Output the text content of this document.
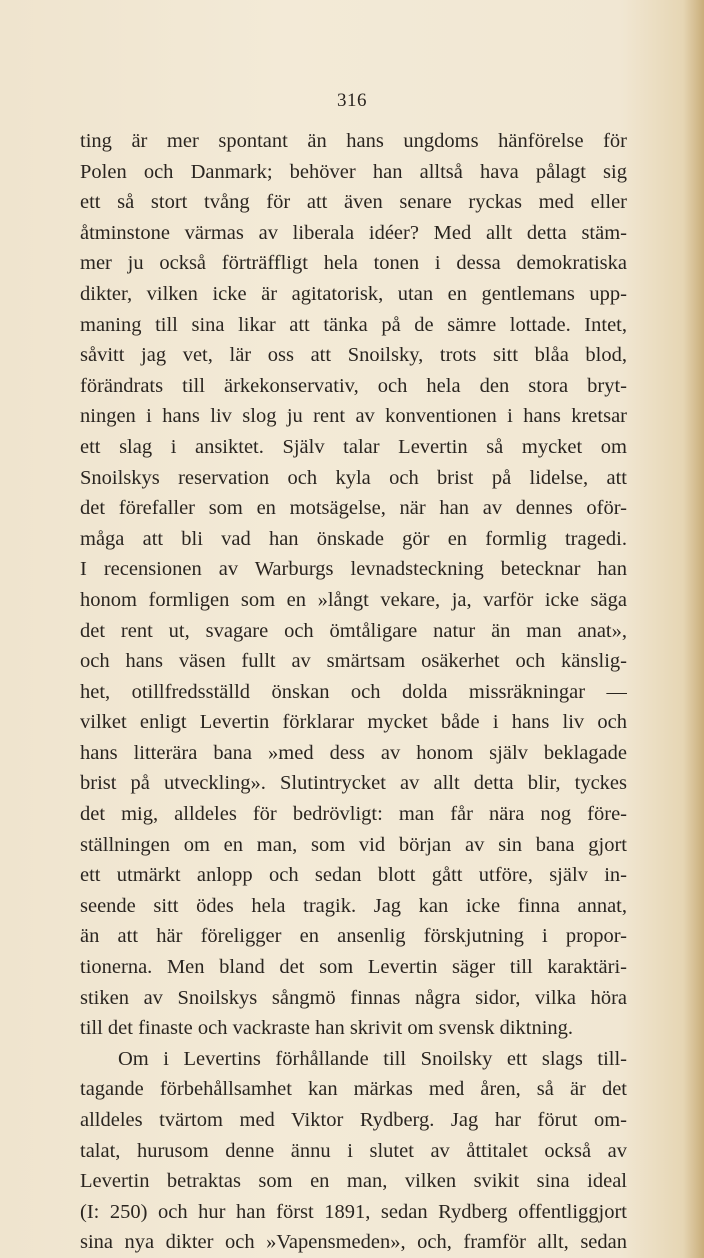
316
ting är mer spontant än hans ungdoms hänförelse för
Polen och Danmark; behöver han alltså hava pålagt sig
ett så stort tvång för att även senare ryckas med eller
åtminstone värmas av liberala idéer? Med allt detta stäm-
mer ju också förträffligt hela tonen i dessa demokratiska
dikter, vilken icke är agitatorisk, utan en gentlemans upp-
maning till sina likar att tänka på de sämre lottade. Intet,
såvitt jag vet, lär oss att Snoilsky, trots sitt blåa blod,
förändrats till ärkekonservativ, och hela den stora bryt-
ningen i hans liv slog ju rent av konventionen i hans kretsar
ett slag i ansiktet. Själv talar Levertin så mycket om
Snoilskys reservation och kyla och brist på lidelse, att
det förefaller som en motsägelse, när han av dennes oför-
måga att bli vad han önskade gör en formlig tragedi.
I recensionen av Warburgs levnadsteckning betecknar han
honom formligen som en »långt vekare, ja, varför icke säga
det rent ut, svagare och ömtåligare natur än man anat»,
och hans väsen fullt av smärtsam osäkerhet och känslig-
het, otillfredsställd önskan och dolda missräkningar —
vilket enligt Levertin förklarar mycket både i hans liv och
hans litterära bana »med dess av honom själv beklagade
brist på utveckling». Slutintrycket av allt detta blir, tyckes
det mig, alldeles för bedrövligt: man får nära nog före-
ställningen om en man, som vid början av sin bana gjort
ett utmärkt anlopp och sedan blott gått utföre, själv in-
seende sitt ödes hela tragik. Jag kan icke finna annat,
än att här föreligger en ansenlig förskjutning i propor-
tionerna. Men bland det som Levertin säger till karaktäri-
stiken av Snoilskys sångmö finnas några sidor, vilka höra
till det finaste och vackraste han skrivit om svensk diktning.
Om i Levertins förhållande till Snoilsky ett slags till-
tagande förbehållsamhet kan märkas med åren, så är det
alldeles tvärtom med Viktor Rydberg. Jag har förut om-
talat, hurusom denne ännu i slutet av åttitalet också av
Levertin betraktas som en man, vilken svikit sina ideal
(I: 250) och hur han först 1891, sedan Rydberg offentliggjort
sina nya dikter och »Vapensmeden», och, framför allt, sedan
